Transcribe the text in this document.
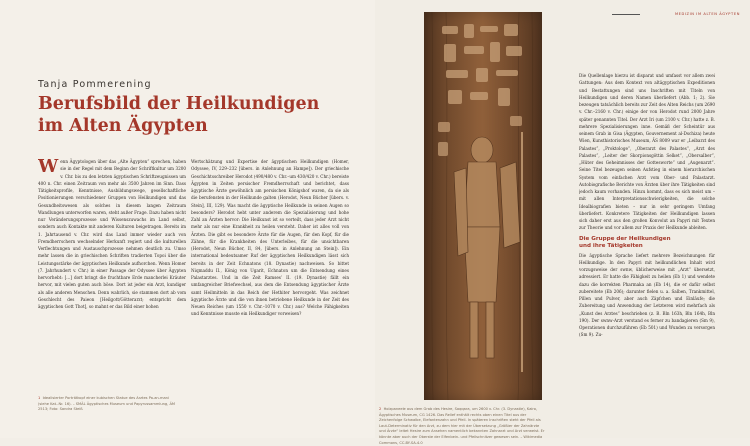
Tanja Pommerening
Berufsbild der Heilkundigen
im Alten Ägypten
W enn Ägyptologen über das „Alte Ägypten“ sprechen, haben sie in der Regel mit dem Beginn der Schriftkultur um 3200 v. Chr. bis zu den letzten ägyptischen Schriftzeugnissen um 400 n. Chr. einen Zeitraum von mehr als 3500 Jahren im Sinn. Dass Tätigkeitsprofile, Kenntnisse, Ausbildungswege, gesellschaftliche Positionierungen verschiedener Gruppen von Heilkundigen und das Gesundheitswesen als solches in diesem langen Zeitraum Wandlungen unterworfen waren, steht außer Frage. Dazu haben nicht nur Veränderungsprozesse und Wissenszuwachs im Land selbst, sondern auch Kontakte mit anderen Kulturen beigetragen. Bereits im 1. Jahrtausend v. Chr. wird das Land immer wieder auch von Fremdherrschern wechselnder Herkunft regiert und die kulturellen Verflechtungen und Austauschprozesse nehmen deutlich zu. Umso mehr lassen die in griechischen Schriften tradierten Topoi über die Leistungsstärke der ägyptischen Heilkunde aufhorchen. Wenn Homer (7. Jahrhundert v. Chr.) in einer Passage der Odyssee über Ägypten hervorhebt: […] dort bringt die fruchtbare Erde mancherlei Kräuter hervor, mit vielen guten auch böse. Dort ist jeder ein Arzt, kundiger als alle anderen Menschen. Denn wahrlich, sie stammen dort ab vom Geschlecht des Paieon [Heilgott/Götterarzt; entspricht dem ägyptischen Gott Thot], so mahnt er das Bild einer hohen

Wertschätzung und Expertise der ägyptischen Heilkundigen (Homer, Odyssee, IV, 229–232 [übers. in Anlehnung an Hampe]). Der griechische Geschichtsschreiber Herodot (490/480 v. Chr.–um 430/420 v. Chr.) bereiste Ägypten in Zeiten persischer Fremdherrschaft und berichtet, dass ägyptische Ärzte gewöhnlich am persischen Königshof waren, da sie als die berufensten in der Heilkunde galten (Herodot, Neun Bücher [übers. v. Stein], III, 129). Was macht die ägyptische Heilkunde in seinen Augen so besonders? Herodot hebt unter anderem die Spezialisierung und hohe Zahl an Ärzten hervor: Die Heilkunst ist so verteilt, dass jeder Arzt nicht mehr als nur eine Krankheit zu heilen versteht. Daher ist alles voll von Ärzten. Die gibt es besondere Ärzte für die Augen, für den Kopf, für die Zähne, für die Krankheiten des Unterleibes, für die unsichtbaren (Herodot, Neun Bücher, II, 84, [übers. in Anlehnung an Stein]). Ein international bedeutsamer Ruf der ägyptischen Heilkundigen lässt sich bereits in der Zeit Echnatons (18. Dynastie) nachweisen. So bittet Niqmaddu II., König von Ugarit, Echnaton um die Entsendung eines Palastarztes. Und in die Zeit Ramses’ II. (19. Dynastie) fällt ein umfangreicher Briefwechsel, aus dem die Entsendung ägyptischer Ärzte samt Heilmitteln in das Reich der Hethiter hervorgeht. Was zeichnet ägyptische Ärzte und die von ihnen betriebene Heilkunde in der Zeit des Neuen Reiches (um 1550 v. Chr.–1070 v. Chr.) aus? Welche Fähigkeiten und Kenntnisse musste ein Heilkundiger vorweisen?

1 Idealisierter Porträtkopf einer kubischen Statue des Arztes Pa-an-mani (siehe Kat.-Nr. 16). – SMÄL Ägyptisches Museum und Papyrussammlung, ÄM 2513; Foto: Sandra Steiß	2 Holzpaneele aus dem Grab des Hesire, Saqqara, um 2600 v. Chr. (3. Dynastie), Kairo, Ägyptisches Museum, CG 1426. Das Relief enthält rechts oben einen Titel aus der Zeichenfolge Schwalbe, Elefantenzahn und Pfeil. In späteren Inschriften steht der Pfeil als Laut-Determinativ für den Arzt, zu dem hier mit der Übersetzung „Größter der Zahnärzte und Ärzte“ leitet Hesire zum Ansehen namentlich bekannten Zahnarzt und Arzt verweist. Er könnte aber auch der Oberste der Elfenbein- und Pfeilschnitzer gewesen sein. – Wikimedia Commons, CC-BY-SA-4.0
MEDIZIN IM ALTEN ÄGYPTEN

Die Quellenlage hierzu ist disparat und umfasst vor allem zwei Gattungen: Aus dem Kontext von altägyptischen Expeditionen und Bestattungen sind uns Inschriften mit Titeln von Heilkundigen und deren Namen überliefert (Abb. 1; 2). Sie bezeugen tatsächlich bereits zur Zeit des Alten Reichs (um 2690 v. Chr.–2160 v. Chr.) einige der von Herodot rund 2000 Jahre später genannten Titel. Der Arzt Iri (um 2100 v. Chr.) hatte z. B. mehrere Spezialisierungen inne. Gemäß der Scheintür aus seinem Grab in Gisa (Ägypten, Gouvernement al-Dschiza) heute Wien, Kunsthistorisches Museum, ÄS 8009 war er „Leibarzt des Palastes“, „Proktologe“, „Oberarzt des Palastes“, „Arzt des Palastes“, „Leiter der Skorpionsgöttin Selket“, „Obersalber“, „Hüter des Geheimnisses der Gottesworte“ und „Augenarzt“. Seine Titel bezeugen seinen Aufstieg in einem hierarchischen System vom einfachen Arzt vom Ober- und Palastarzt. Autobiografische Berichte von Ärzten über ihre Tätigkeiten sind jedoch kaum vorhanden. Hinzu kommt, dass es sich meist um – mit allen Interpretationsschwierigkeiten, die solche Idealbiografien bieten – nur in sehr geringem Umfang überliefert. Konkretere Tätigkeiten der Heilkundigen lassen sich daher erst aus den großen Konvolut an Papyri mit Texten zur Theorie und vor allem zur Praxis der Heilkunde ableiten.

Die Gruppe der Heilkundigen
und ihre Tätigkeiten

Die ägyptische Sprache liefert mehrere Bezeichnungen für Heilkundige. In den Papyri mit heilkundlichen Inhalt wird vorzugsweise der swnw, üblicherweise mit „Arzt“ übersetzt, adressiert. Er hatte die Fähigkeit zu heilen (Eb 1) und wendete dazu die korrekten Pharmaka an (Eb 14), die er dafür selbst zubereitete (Eb 206); darunter fielen u. a. Salben, Trankmittel, Pillen und Pulver, aber auch Zäpfchen und Einläufe; die Zubereitung und Anwendung der Letzteren wird mehrfach als „Kunst des Arztes“ beschrieben (z. B. Bln 163h, Bln 164h, Bln 190). Der swnw-Arzt verstand es ferner zu bandagieren (Sm 9), Operationen durchzuführen (Eb 501) und Wunden zu versorgen (Sm 9). Zu-
